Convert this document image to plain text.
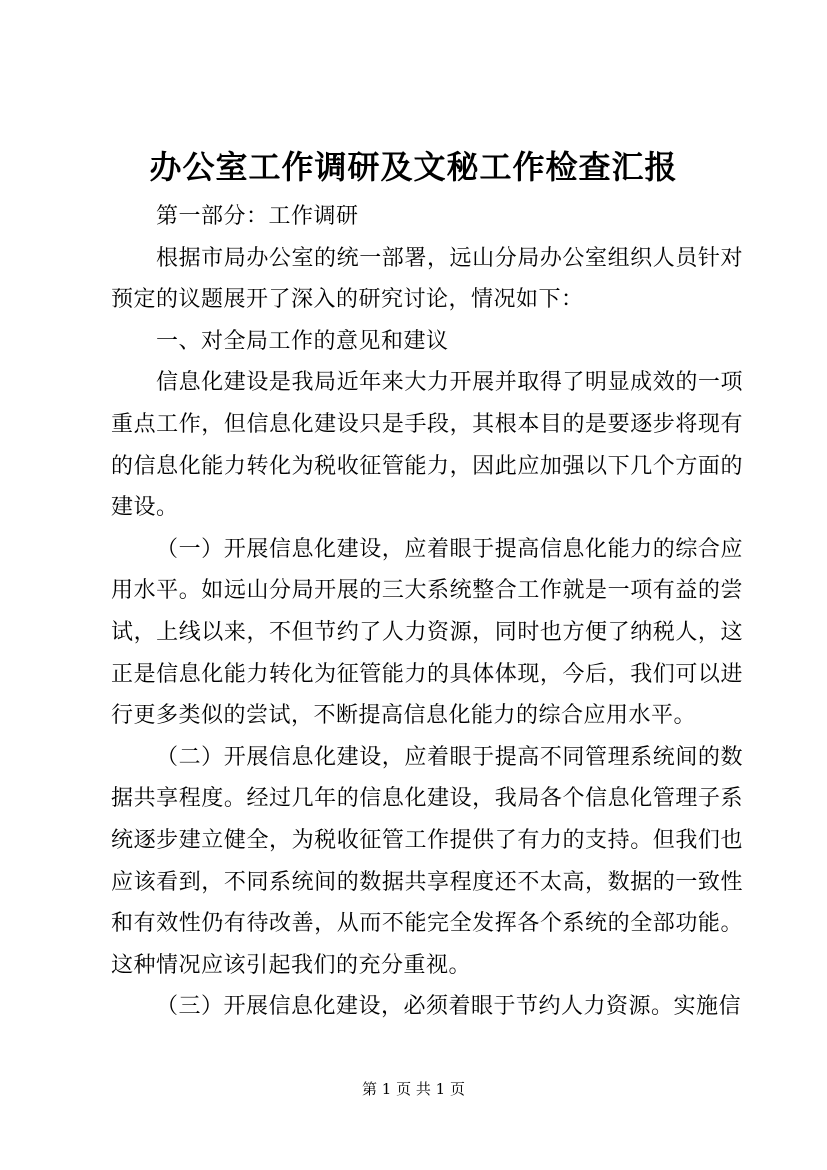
办公室工作调研及文秘工作检查汇报

第一部分：工作调研

根据市局办公室的统一部署，远山分局办公室组织人员针对预定的议题展开了深入的研究讨论，情况如下：

一、对全局工作的意见和建议

信息化建设是我局近年来大力开展并取得了明显成效的一项重点工作，但信息化建设只是手段，其根本目的是要逐步将现有的信息化能力转化为税收征管能力，因此应加强以下几个方面的建设。

（一）开展信息化建设，应着眼于提高信息化能力的综合应用水平。如远山分局开展的三大系统整合工作就是一项有益的尝试，上线以来，不但节约了人力资源，同时也方便了纳税人，这正是信息化能力转化为征管能力的具体体现，今后，我们可以进行更多类似的尝试，不断提高信息化能力的综合应用水平。

（二）开展信息化建设，应着眼于提高不同管理系统间的数据共享程度。经过几年的信息化建设，我局各个信息化管理子系统逐步建立健全，为税收征管工作提供了有力的支持。但我们也应该看到，不同系统间的数据共享程度还不太高，数据的一致性和有效性仍有待改善，从而不能完全发挥各个系统的全部功能。这种情况应该引起我们的充分重视。

（三）开展信息化建设，必须着眼于节约人力资源。实施信

第 1 页 共 1 页
